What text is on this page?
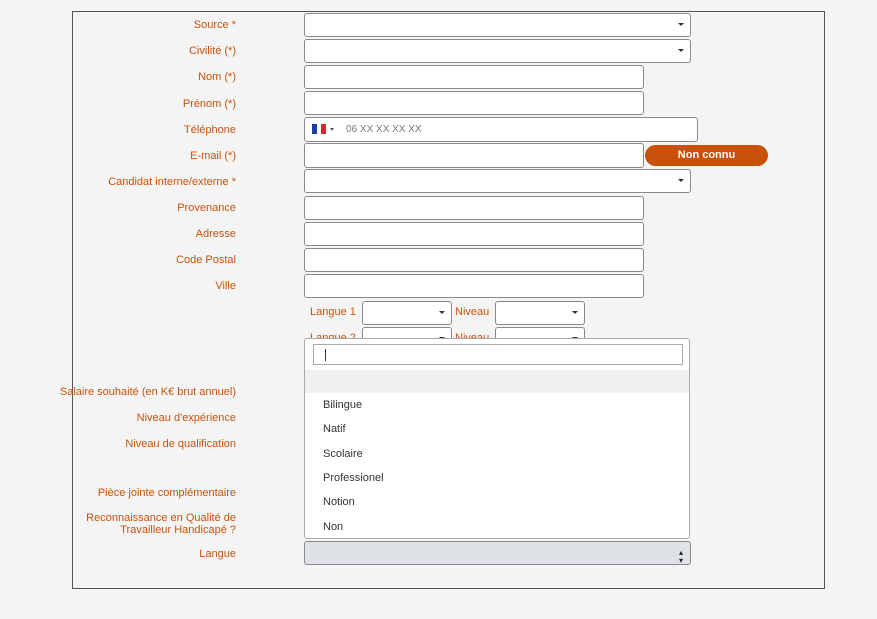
Source *
Civilité (*)
Nom (*)
Prénom (*)
Téléphone	06 XX XX XX XX
E-mail (*)	Non connu
Candidat interne/externe *
Provenance
Adresse
Code Postal
Ville
Langue 1	Niveau
Salaire souhaité (en K€ brut annuel)
Niveau d'expérience
Niveau de qualification
Pièce jointe complémentaire
Reconnaissance en Qualité de
Travailleur Handicapé ?
Langue
Bilingue
Natif
Scolaire
Professionel
Notion
Non
▴
▾
